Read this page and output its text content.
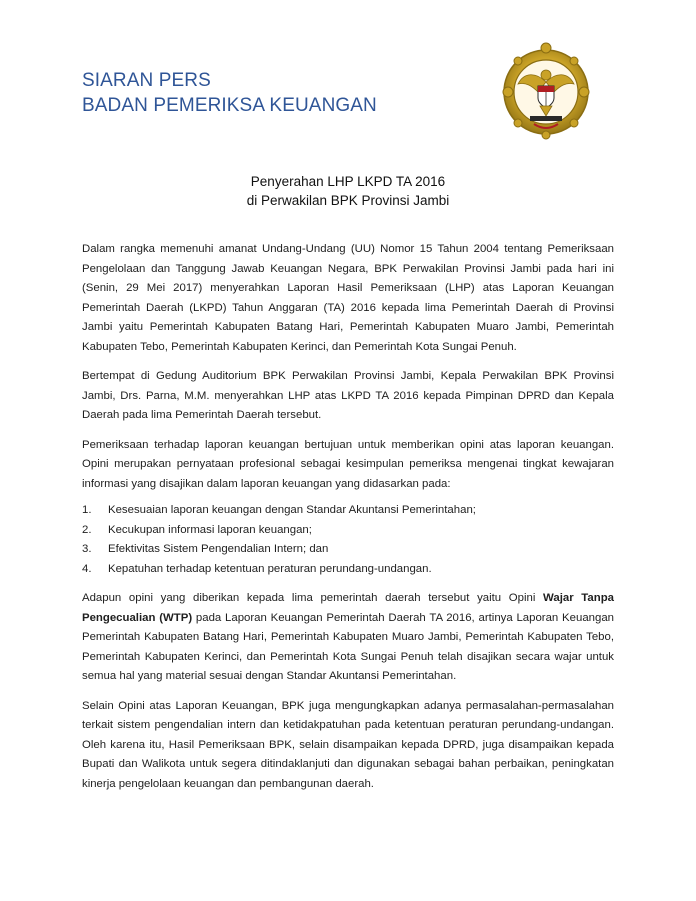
SIARAN PERS
BADAN PEMERIKSA KEUANGAN
Penyerahan LHP LKPD TA 2016
di Perwakilan BPK Provinsi Jambi

Dalam rangka memenuhi amanat Undang-Undang (UU) Nomor 15 Tahun 2004 tentang Pemeriksaan Pengelolaan dan Tanggung Jawab Keuangan Negara, BPK Perwakilan Provinsi Jambi pada hari ini (Senin, 29 Mei 2017) menyerahkan Laporan Hasil Pemeriksaan (LHP) atas Laporan Keuangan Pemerintah Daerah (LKPD) Tahun Anggaran (TA) 2016 kepada lima Pemerintah Daerah di Provinsi Jambi yaitu Pemerintah Kabupaten Batang Hari, Pemerintah Kabupaten Muaro Jambi, Pemerintah Kabupaten Tebo, Pemerintah Kabupaten Kerinci, dan Pemerintah Kota Sungai Penuh.

Bertempat di Gedung Auditorium BPK Perwakilan Provinsi Jambi, Kepala Perwakilan BPK Provinsi Jambi, Drs. Parna, M.M. menyerahkan LHP atas LKPD TA 2016 kepada Pimpinan DPRD dan Kepala Daerah pada lima Pemerintah Daerah tersebut.

Pemeriksaan terhadap laporan keuangan bertujuan untuk memberikan opini atas laporan keuangan. Opini merupakan pernyataan profesional sebagai kesimpulan pemeriksa mengenai tingkat kewajaran informasi yang disajikan dalam laporan keuangan yang didasarkan pada:

1. Kesesuaian laporan keuangan dengan Standar Akuntansi Pemerintahan;
2. Kecukupan informasi laporan keuangan;
3. Efektivitas Sistem Pengendalian Intern; dan
4. Kepatuhan terhadap ketentuan peraturan perundang-undangan.

Adapun opini yang diberikan kepada lima pemerintah daerah tersebut yaitu Opini Wajar Tanpa Pengecualian (WTP) pada Laporan Keuangan Pemerintah Daerah TA 2016, artinya Laporan Keuangan Pemerintah Kabupaten Batang Hari, Pemerintah Kabupaten Muaro Jambi, Pemerintah Kabupaten Tebo, Pemerintah Kabupaten Kerinci, dan Pemerintah Kota Sungai Penuh telah disajikan secara wajar untuk semua hal yang material sesuai dengan Standar Akuntansi Pemerintahan.

Selain Opini atas Laporan Keuangan, BPK juga mengungkapkan adanya permasalahan-permasalahan terkait sistem pengendalian intern dan ketidakpatuhan pada ketentuan peraturan perundang-undangan. Oleh karena itu, Hasil Pemeriksaan BPK, selain disampaikan kepada DPRD, juga disampaikan kepada Bupati dan Walikota untuk segera ditindaklanjuti dan digunakan sebagai bahan perbaikan, peningkatan kinerja pengelolaan keuangan dan pembangunan daerah.
